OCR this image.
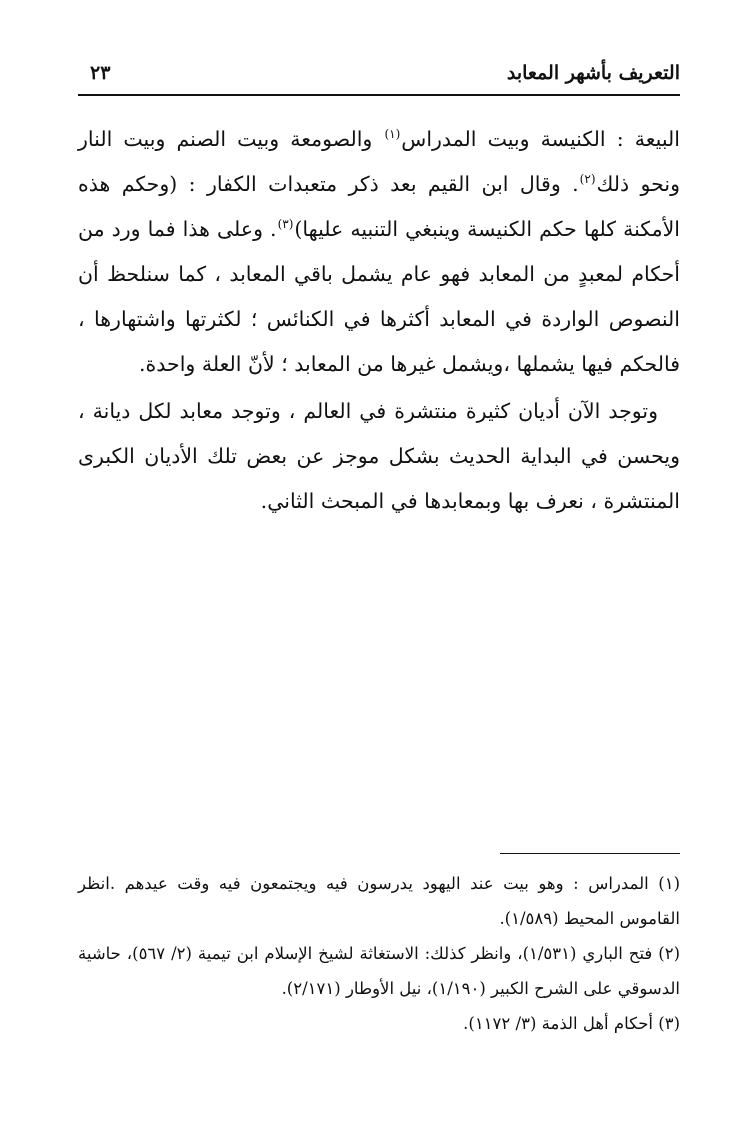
التعريف بأشهر المعابد
٢٣

البيعة : الكنيسة وبيت المدراس$^{(١)}$ والصومعة وبيت الصنم وبيت النار ونحو ذلك$^{(٢)}$. وقال ابن القيم بعد ذكر متعبدات الكفار : (وحكم هذه الأمكنة كلها حكم الكنيسة وينبغي التنبيه عليها)$^{(٣)}$. وعلى هذا فما ورد من أحكام لمعبدٍ من المعابد فهو عام يشمل باقي المعابد ، كما سنلحظ أن النصوص الواردة في المعابد أكثرها في الكنائس ؛ لكثرتها واشتهارها ، فالحكم فيها يشملها ،ويشمل غيرها من المعابد ؛ لأنّ العلة واحدة.

وتوجد الآن أديان كثيرة منتشرة في العالم ، وتوجد معابد لكل ديانة ، ويحسن في البداية الحديث بشكل موجز عن بعض تلك الأديان الكبرى المنتشرة ، نعرف بها وبمعابدها في المبحث الثاني.

(١) المدراس : وهو بيت عند اليهود يدرسون فيه ويجتمعون فيه وقت عيدهم .انظر القاموس المحيط (١/٥٨٩).

(٢) فتح الباري (١/٥٣١)، وانظر كذلك: الاستغاثة لشيخ الإسلام ابن تيمية (٢/ ٥٦٧)، حاشية الدسوقي على الشرح الكبير (١/١٩٠)، نيل الأوطار (٢/١٧١).

(٣) أحكام أهل الذمة (٣/ ١١٧٢).
